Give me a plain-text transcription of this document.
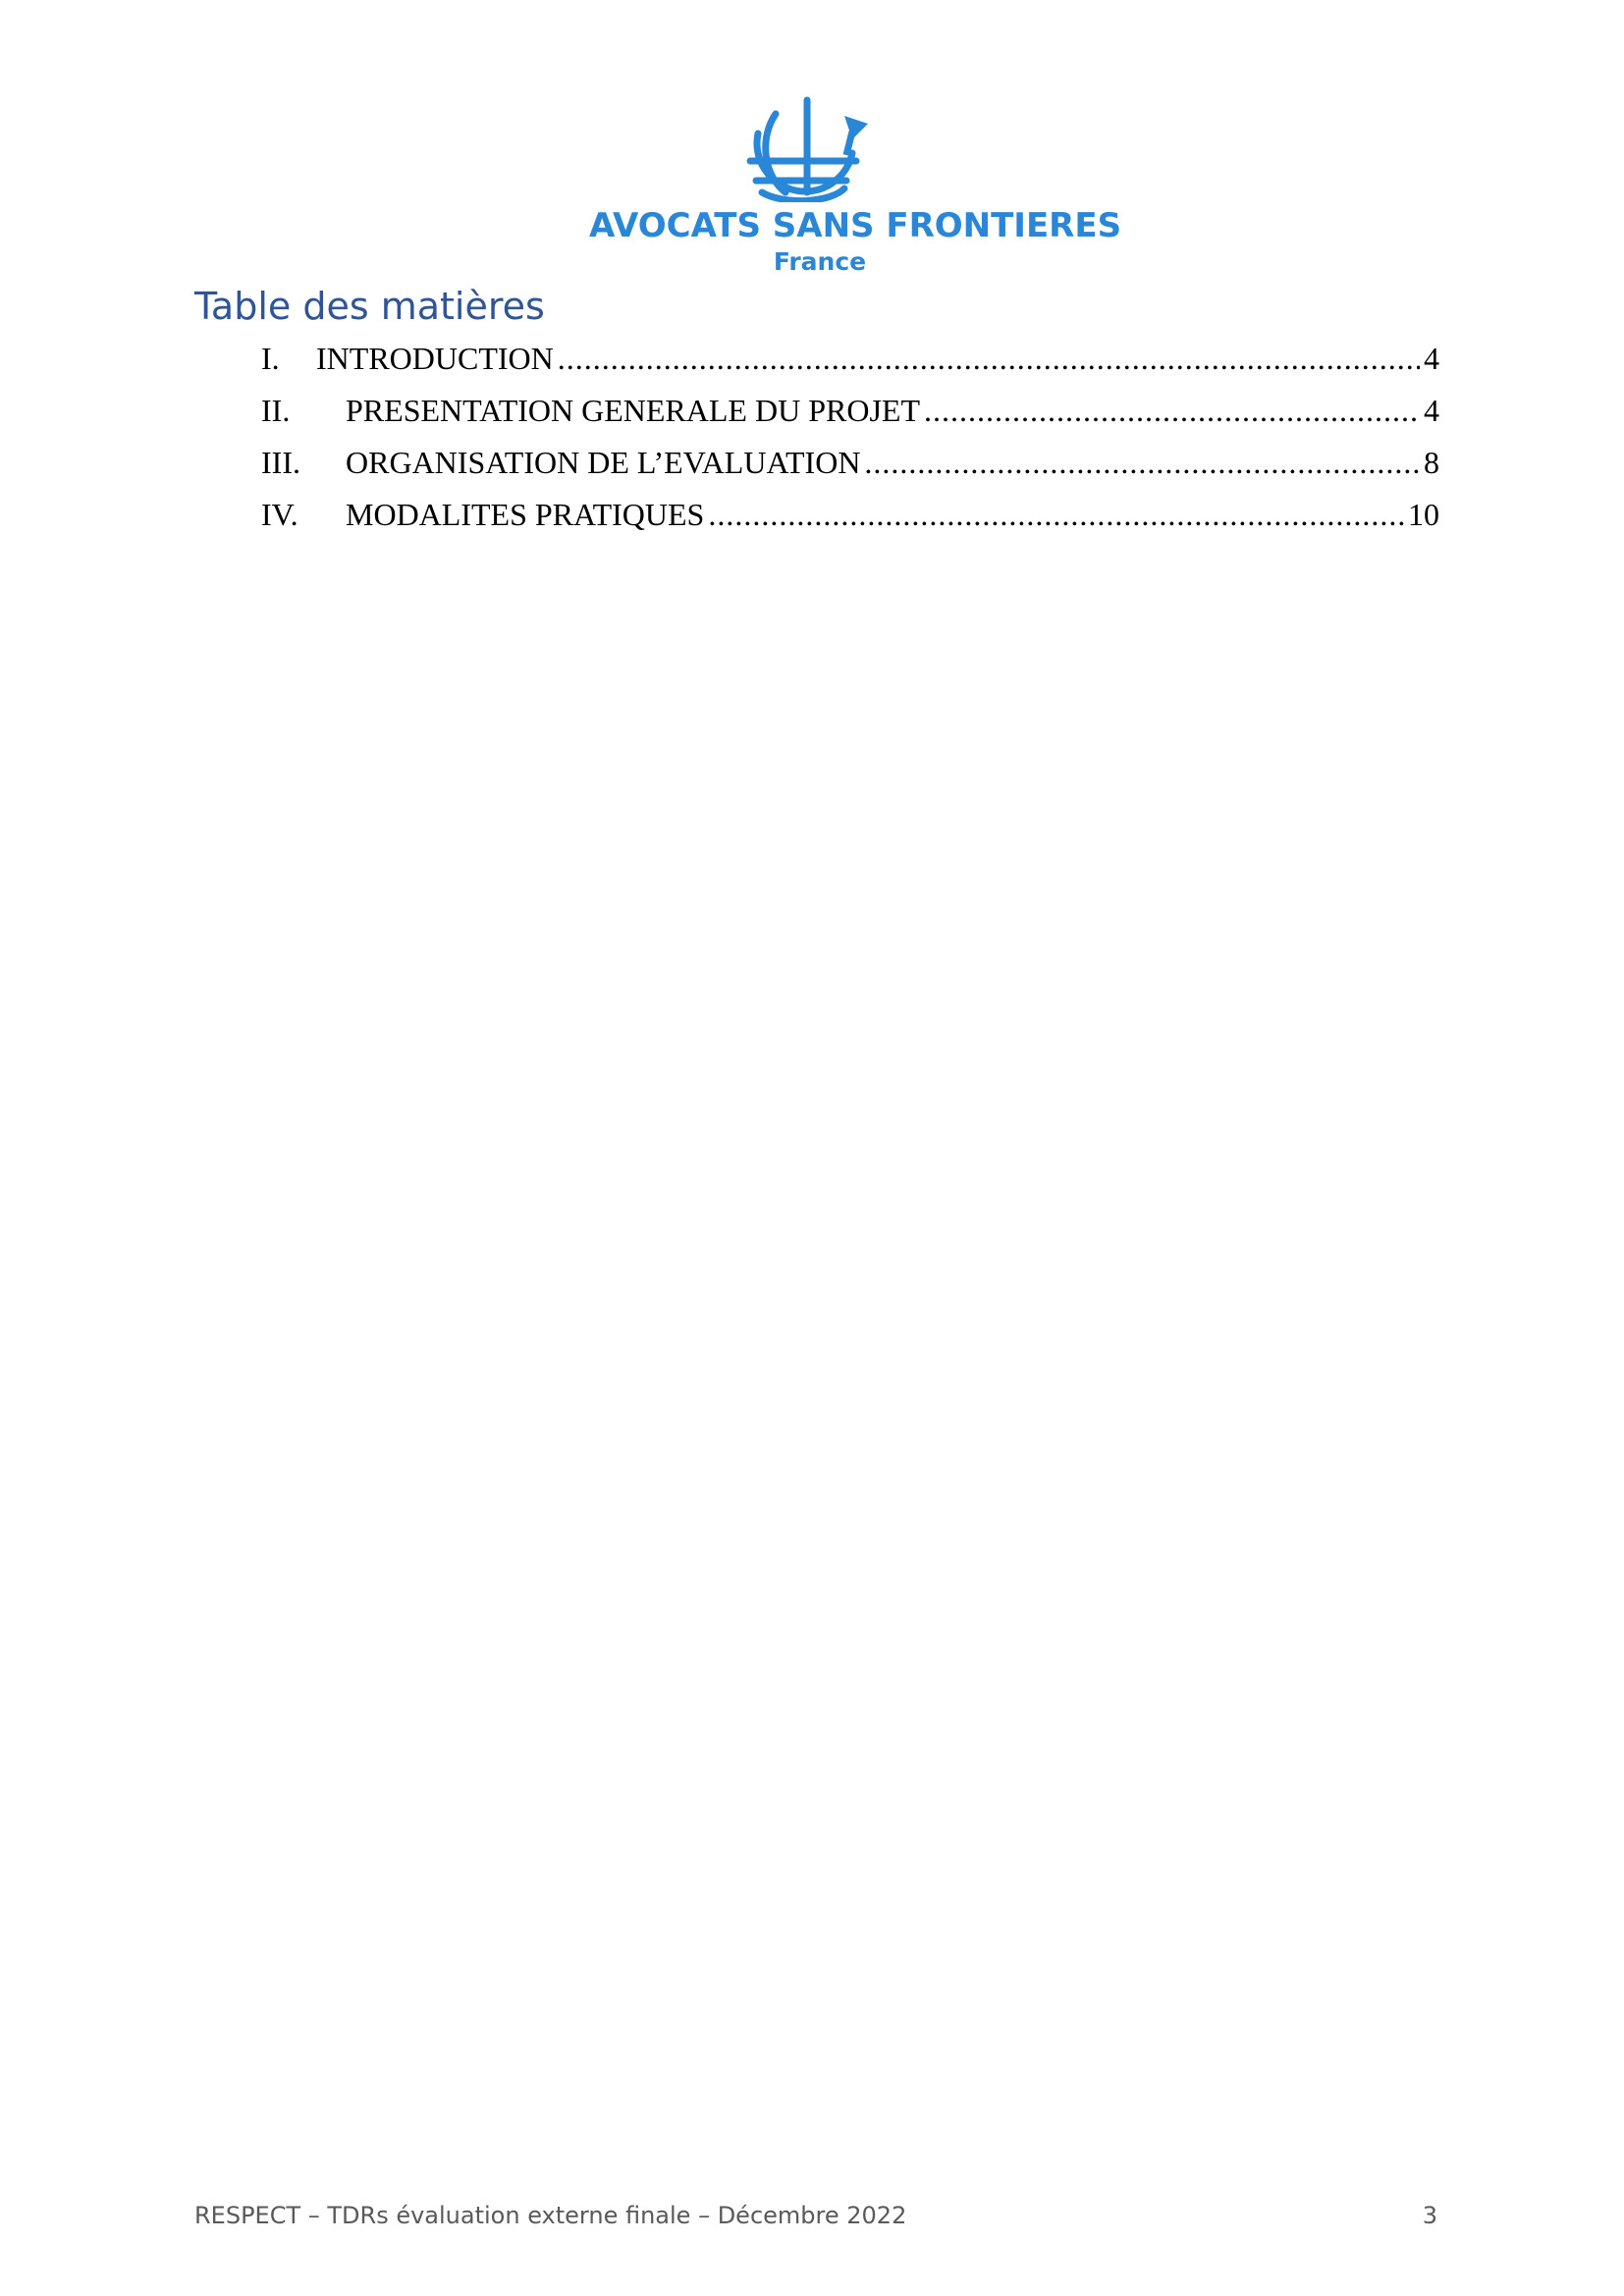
AVOCATS SANS FRONTIERES
France
Table des matières
I.	INTRODUCTION .....	4
II.	PRESENTATION GENERALE DU PROJET .....	4
III.	ORGANISATION DE L’EVALUATION .....	8
IV.	MODALITES PRATIQUES .....	10
RESPECT – TDRs évaluation externe finale – Décembre 2022	3
